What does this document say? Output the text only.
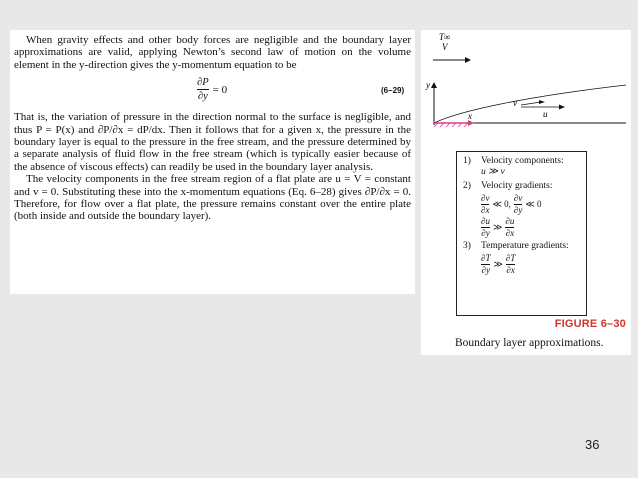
When gravity effects and other body forces are negligible and the boundary layer approximations are valid, applying Newton’s second law of motion on the volume element in the y-direction gives the y-momentum equation to be

$\frac{\partial P}{\partial y} = 0$	(6–29)

That is, the variation of pressure in the direction normal to the surface is negligible, and thus P = P(x) and ∂P/∂x = dP/dx. Then it follows that for a given x, the pressure in the boundary layer is equal to the pressure in the free stream, and the pressure determined by a separate analysis of fluid flow in the free stream (which is typically easier because of the absence of viscous effects) can readily be used in the boundary layer analysis.

The velocity components in the free stream region of a flat plate are u = V = constant and v = 0. Substituting these into the x-momentum equations (Eq. 6–28) gives ∂P/∂x = 0. Therefore, for flow over a flat plate, the pressure remains constant over the entire plate (both inside and outside the boundary layer).

T∞
V
y
x
v
u
1) Velocity components:
u ≫ v
2) Velocity gradients:
∂v
∂x
≪ 0,
∂v
∂y
≪ 0
∂u
∂y
≫
∂u
∂x
3) Temperature gradients:
∂T
∂y
≫
∂T
∂x
FIGURE 6–30
Boundary layer approximations.
36
